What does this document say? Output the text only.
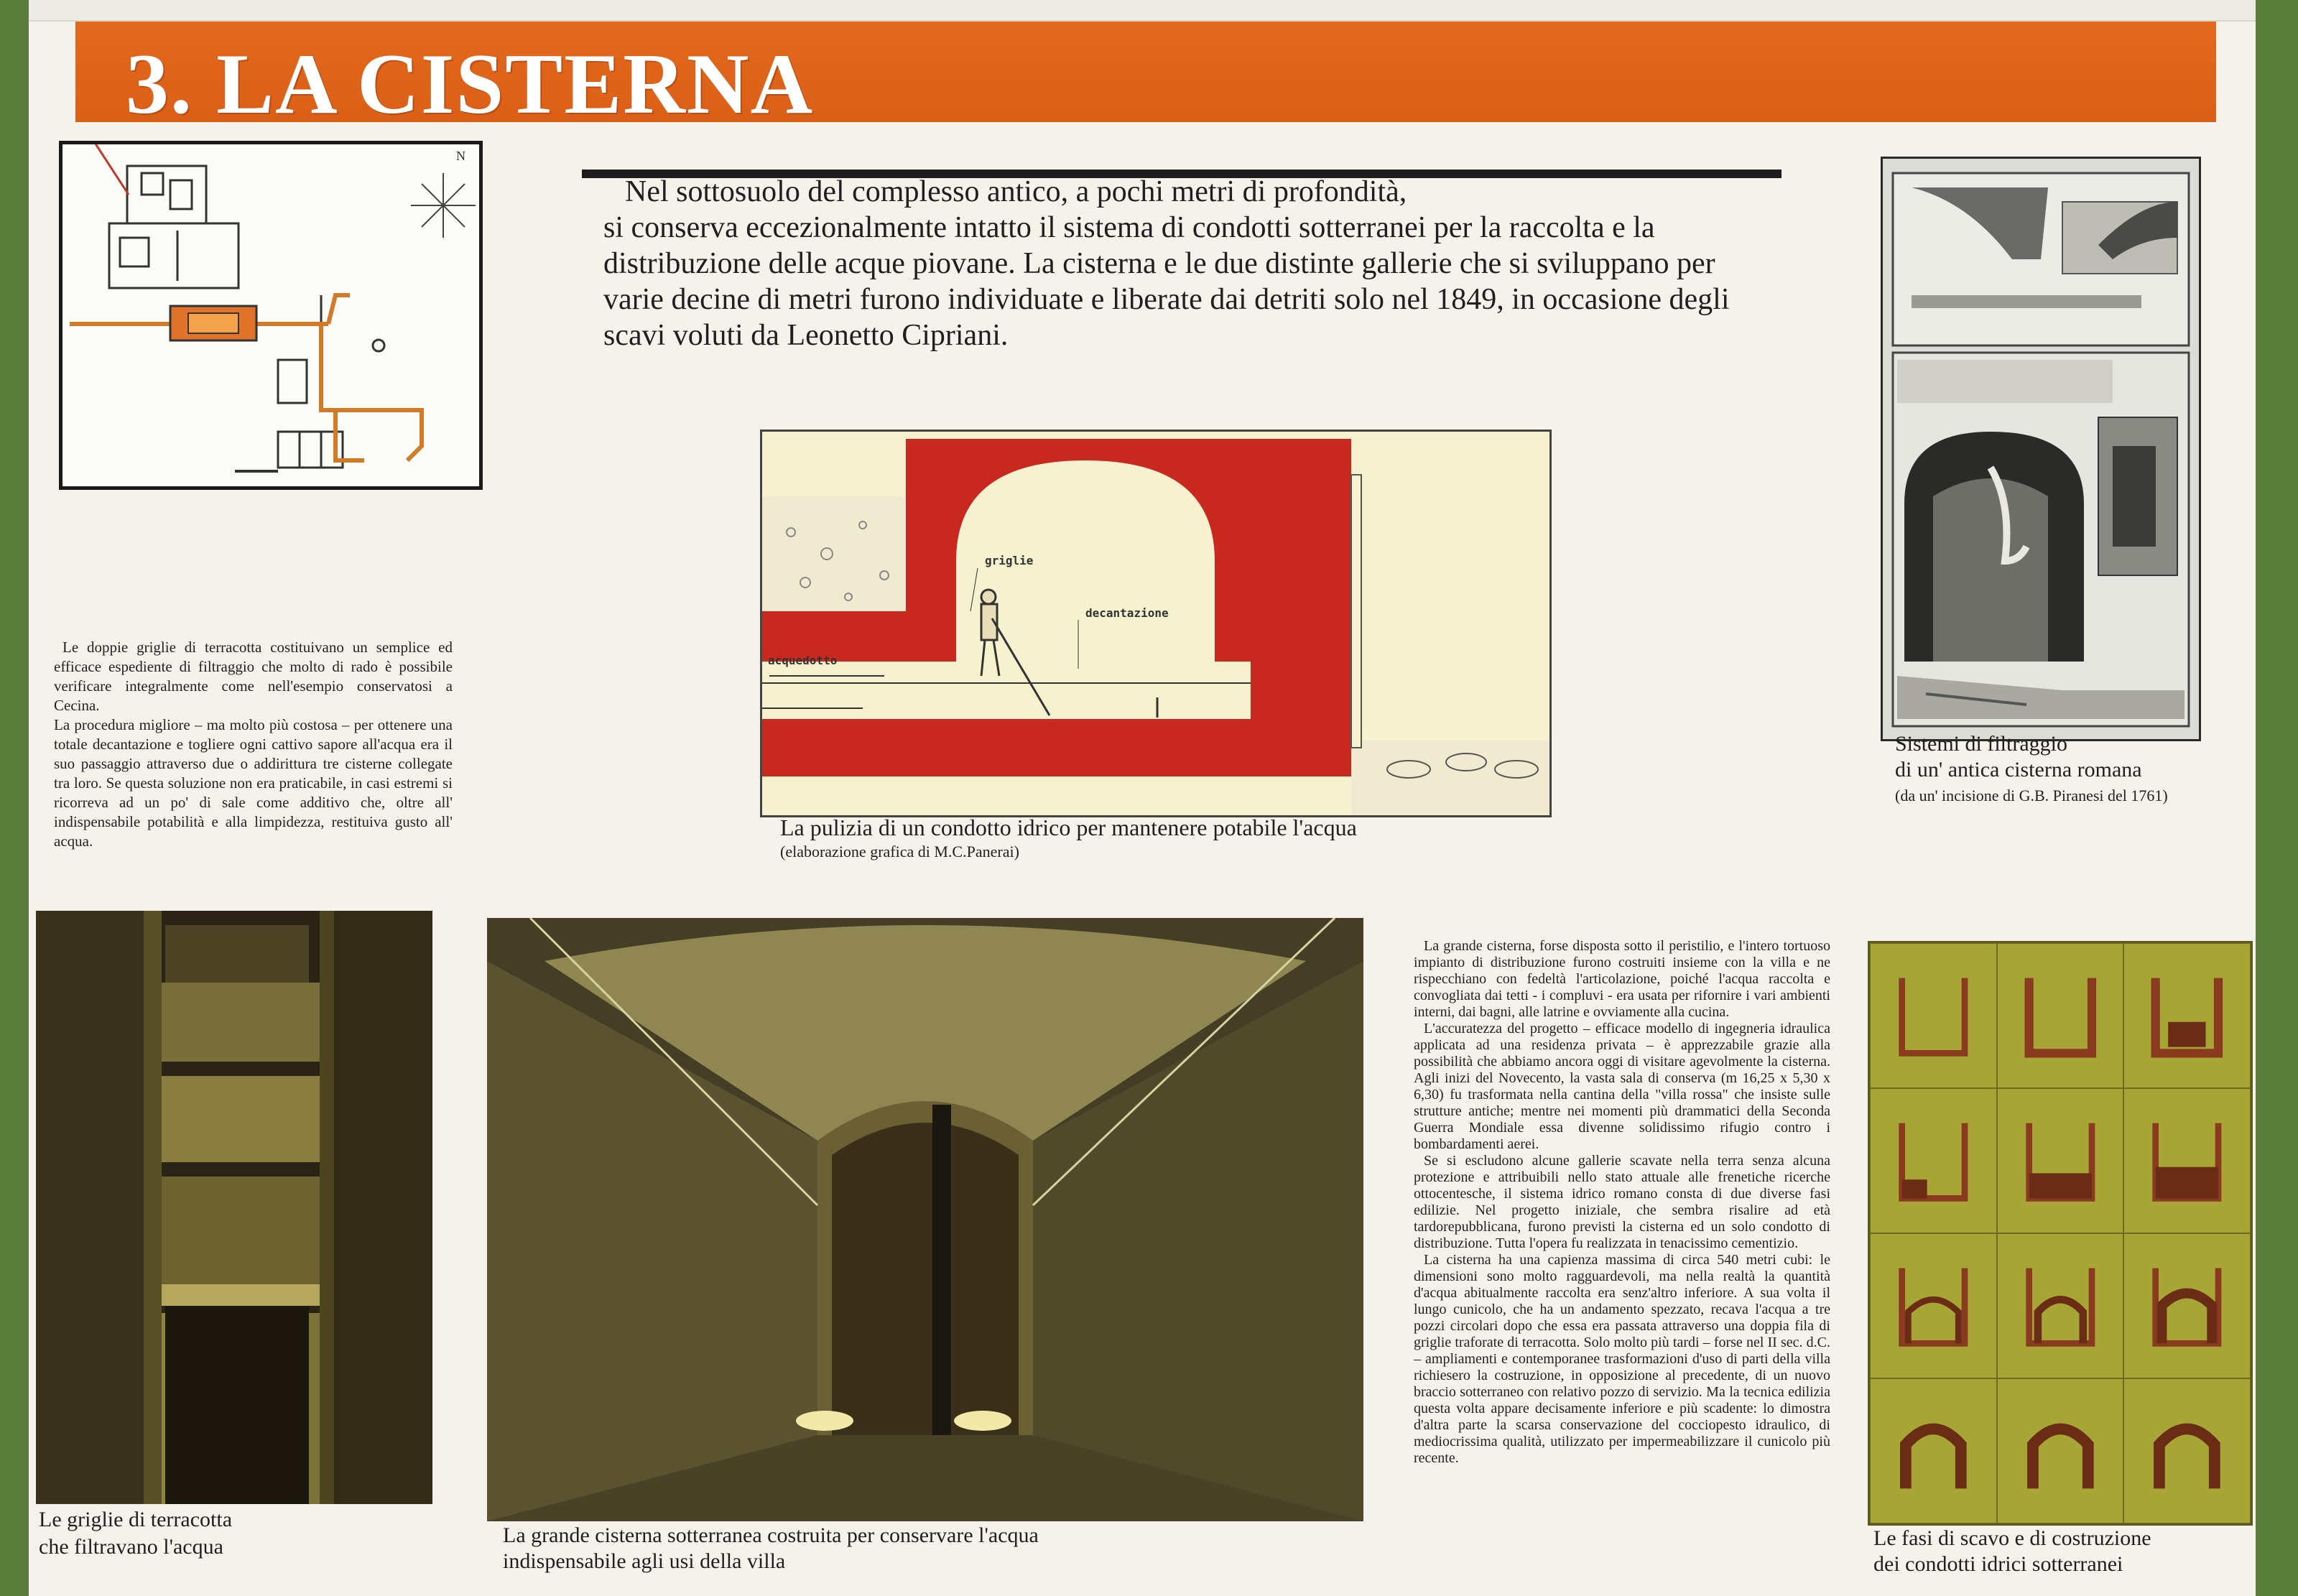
3. LA CISTERNA
N

Nel sottosuolo del complesso antico, a pochi metri di profondità,

si conserva eccezionalmente intatto il sistema di condotti sotterranei per la raccolta e la

distribuzione delle acque piovane. La cisterna e le due distinte gallerie che si sviluppano per

varie decine di metri furono individuate e liberate dai detriti solo nel 1849, in occasione degli

scavi voluti da Leonetto Cipriani.

Sistemi di filtraggio
di un' antica cisterna romana
(da un' incisione di G.B. Piranesi del 1761)
griglie
decantazione
acquedotto
La pulizia di un condotto idrico per mantenere potabile l'acqua
(elaborazione grafica di M.C.Panerai)

Le doppie griglie di terracotta costituivano un semplice ed efficace espediente di filtraggio che molto di rado è possibile verificare integralmente come nell'esempio conservatosi a Cecina.

La procedura migliore – ma molto più costosa – per ottenere una totale decantazione e togliere ogni cattivo sapore all'acqua era il suo passaggio attraverso due o addirittura tre cisterne collegate tra loro. Se questa soluzione non era praticabile, in casi estremi si ricorreva ad un po' di sale come additivo che, oltre all' indispensabile potabilità e alla limpidezza, restituiva gusto all' acqua.

Le griglie di terracotta
che filtravano l'acqua	La grande cisterna sotterranea costruita per conservare l'acqua
indispensabile agli usi della villa

La grande cisterna, forse disposta sotto il peristilio, e l'intero tortuoso impianto di distribuzione furono costruiti insieme con la villa e ne rispecchiano con fedeltà l'articolazione, poiché l'acqua raccolta e convogliata dai tetti - i compluvi - era usata per rifornire i vari ambienti interni, dai bagni, alle latrine e ovviamente alla cucina.

L'accuratezza del progetto – efficace modello di ingegneria idraulica applicata ad una residenza privata – è apprezzabile grazie alla possibilità che abbiamo ancora oggi di visitare agevolmente la cisterna. Agli inizi del Novecento, la vasta sala di conserva (m 16,25 x 5,30 x 6,30) fu trasformata nella cantina della "villa rossa" che insiste sulle strutture antiche; mentre nei momenti più drammatici della Seconda Guerra Mondiale essa divenne solidissimo rifugio contro i bombardamenti aerei.

Se si escludono alcune gallerie scavate nella terra senza alcuna protezione e attribuibili nello stato attuale alle frenetiche ricerche ottocentesche, il sistema idrico romano consta di due diverse fasi edilizie. Nel progetto iniziale, che sembra risalire ad età tardorepubblicana, furono previsti la cisterna ed un solo condotto di distribuzione. Tutta l'opera fu realizzata in tenacissimo cementizio.

La cisterna ha una capienza massima di circa 540 metri cubi: le dimensioni sono molto ragguardevoli, ma nella realtà la quantità d'acqua abitualmente raccolta era senz'altro inferiore. A sua volta il lungo cunicolo, che ha un andamento spezzato, recava l'acqua a tre pozzi circolari dopo che essa era passata attraverso una doppia fila di griglie traforate di terracotta. Solo molto più tardi – forse nel II sec. d.C. – ampliamenti e contemporanee trasformazioni d'uso di parti della villa richiesero la costruzione, in opposizione al precedente, di un nuovo braccio sotterraneo con relativo pozzo di servizio. Ma la tecnica edilizia questa volta appare decisamente inferiore e più scadente: lo dimostra d'altra parte la scarsa conservazione del cocciopesto idraulico, di mediocrissima qualità, utilizzato per impermeabilizzare il cunicolo più recente.

Le fasi di scavo e di costruzione
dei condotti idrici sotterranei
